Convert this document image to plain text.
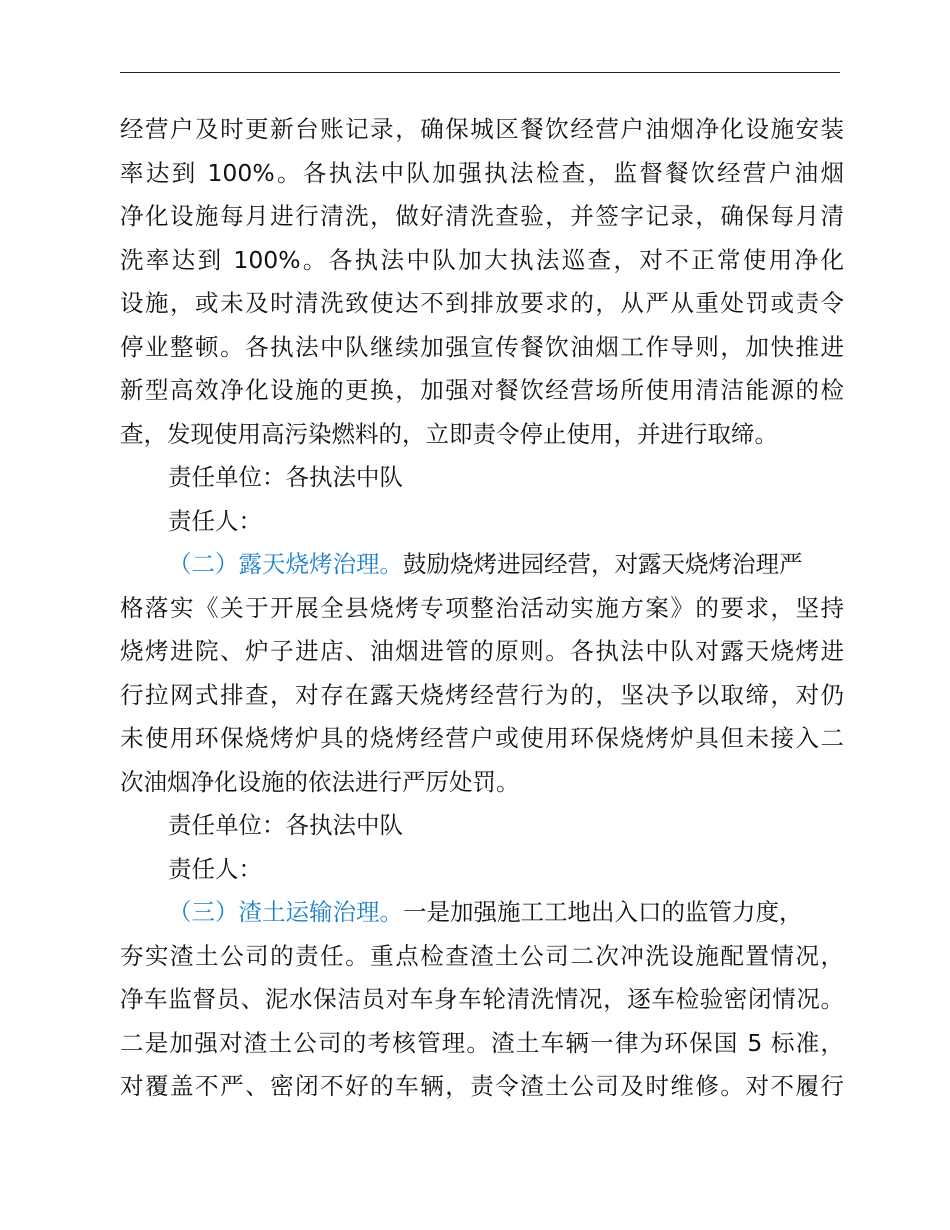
经营户及时更新台账记录，确保城区餐饮经营户油烟净化设施安装
率达到 100%。各执法中队加强执法检查，监督餐饮经营户油烟
净化设施每月进行清洗，做好清洗查验，并签字记录，确保每月清
洗率达到 100%。各执法中队加大执法巡查，对不正常使用净化
设施，或未及时清洗致使达不到排放要求的，从严从重处罚或责令
停业整顿。各执法中队继续加强宣传餐饮油烟工作导则，加快推进
新型高效净化设施的更换，加强对餐饮经营场所使用清洁能源的检
查，发现使用高污染燃料的，立即责令停止使用，并进行取缔。
责任单位：各执法中队
责任人：
（二）露天烧烤治理。鼓励烧烤进园经营，对露天烧烤治理严
格落实《关于开展全县烧烤专项整治活动实施方案》的要求，坚持
烧烤进院、炉子进店、油烟进管的原则。各执法中队对露天烧烤进
行拉网式排查，对存在露天烧烤经营行为的，坚决予以取缔，对仍
未使用环保烧烤炉具的烧烤经营户或使用环保烧烤炉具但未接入二
次油烟净化设施的依法进行严厉处罚。
责任单位：各执法中队
责任人：
（三）渣土运输治理。一是加强施工工地出入口的监管力度，
夯实渣土公司的责任。重点检查渣土公司二次冲洗设施配置情况，
净车监督员、泥水保洁员对车身车轮清洗情况，逐车检验密闭情况。
二是加强对渣土公司的考核管理。渣土车辆一律为环保国 5 标准，
对覆盖不严、密闭不好的车辆，责令渣土公司及时维修。对不履行
